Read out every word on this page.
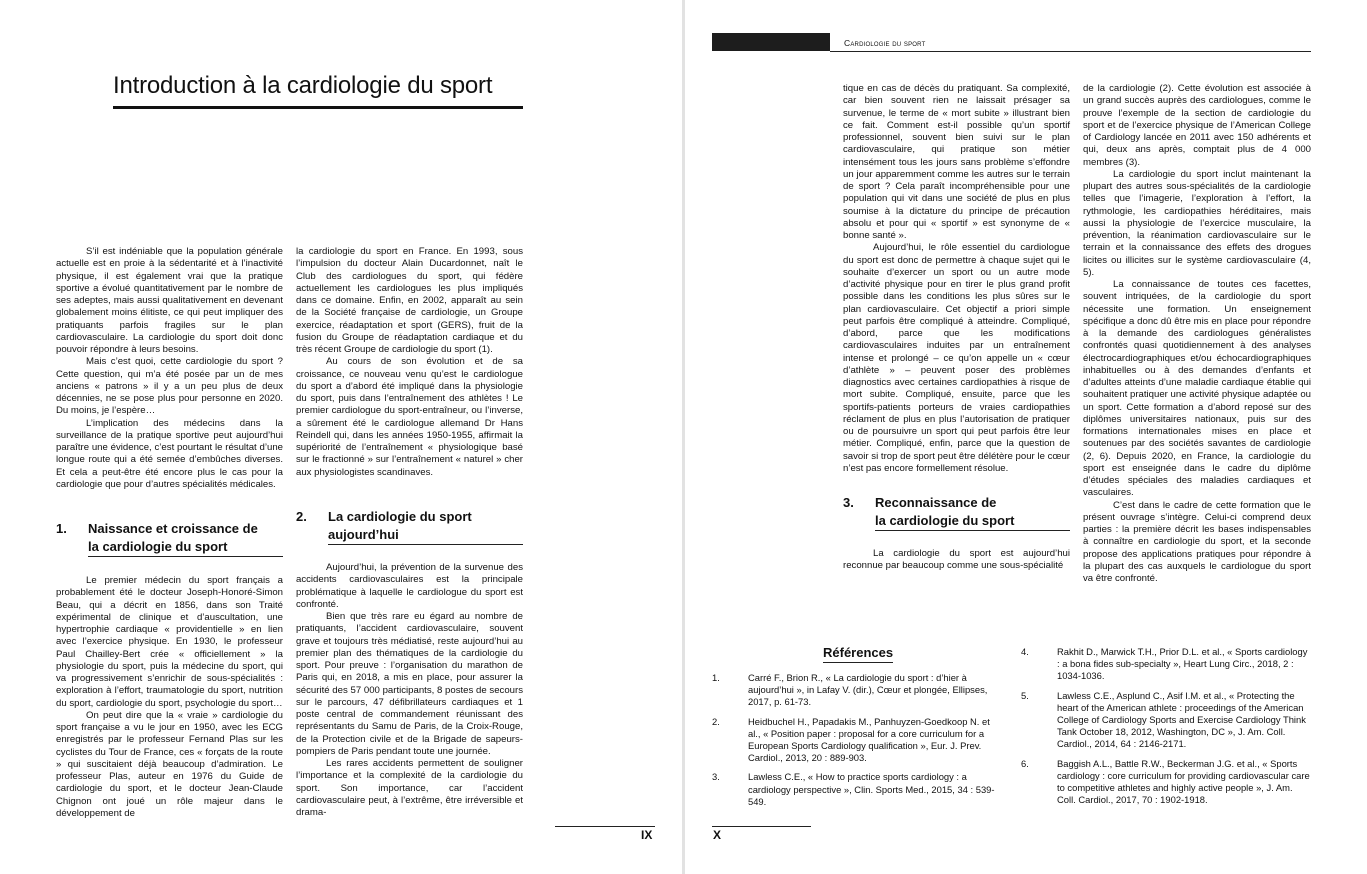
Introduction à la cardiologie du sport

S’il est indéniable que la population générale actuelle est en proie à la sédentarité et à l’inactivité physique, il est également vrai que la pratique sportive a évolué quantitativement par le nombre de ses adeptes, mais aussi qualitativement en devenant globalement moins élitiste, ce qui peut impliquer des pratiquants parfois fragiles sur le plan cardiovasculaire. La cardiologie du sport doit donc pouvoir répondre à leurs besoins.

Mais c’est quoi, cette cardiologie du sport ? Cette question, qui m’a été posée par un de mes anciens « patrons » il y a un peu plus de deux décennies, ne se pose plus pour personne en 2020. Du moins, je l’espère…

L’implication des médecins dans la surveillance de la pratique sportive peut aujourd’hui paraître une évidence, c’est pourtant le résultat d’une longue route qui a été semée d’embûches diverses. Et cela a peut-être été encore plus le cas pour la cardiologie que pour d’autres spécialités médicales.

1. Naissance et croissance de
la cardiologie du sport

Le premier médecin du sport français a probablement été le docteur Joseph-Honoré-Simon Beau, qui a décrit en 1856, dans son Traité expérimental de clinique et d’auscultation, une hypertrophie cardiaque « providentielle » en lien avec l’exercice physique. En 1930, le professeur Paul Chailley-Bert crée « officiellement » la physiologie du sport, puis la médecine du sport, qui va progressivement s’enrichir de sous-spécialités : exploration à l’effort, traumatologie du sport, nutrition du sport, cardiologie du sport, psychologie du sport…

On peut dire que la « vraie » cardiologie du sport française a vu le jour en 1950, avec les ECG enregistrés par le professeur Fernand Plas sur les cyclistes du Tour de France, ces « forçats de la route » qui suscitaient déjà beaucoup d’admiration. Le professeur Plas, auteur en 1976 du Guide de cardiologie du sport, et le docteur Jean-Claude Chignon ont joué un rôle majeur dans le développement de

la cardiologie du sport en France. En 1993, sous l’impulsion du docteur Alain Ducardonnet, naît le Club des cardiologues du sport, qui fédère actuellement les cardiologues les plus impliqués dans ce domaine. Enfin, en 2002, apparaît au sein de la Société française de cardiologie, un Groupe exercice, réadaptation et sport (GERS), fruit de la fusion du Groupe de réadaptation cardiaque et du très récent Groupe de cardiologie du sport (1).

Au cours de son évolution et de sa croissance, ce nouveau venu qu’est le cardiologue du sport a d’abord été impliqué dans la physiologie du sport, puis dans l’entraînement des athlètes ! Le premier cardiologue du sport-entraîneur, ou l’inverse, a sûrement été le cardiologue allemand Dr Hans Reindell qui, dans les années 1950-1955, affirmait la supériorité de l’entraînement « physiologique basé sur le fractionné » sur l’entraînement « naturel » cher aux physiologistes scandinaves.

2. La cardiologie du sport
aujourd’hui

Aujourd’hui, la prévention de la survenue des accidents cardiovasculaires est la principale problématique à laquelle le cardiologue du sport est confronté.

Bien que très rare eu égard au nombre de pratiquants, l’accident cardiovasculaire, souvent grave et toujours très médiatisé, reste aujourd’hui au premier plan des thématiques de la cardiologie du sport. Pour preuve : l’organisation du marathon de Paris qui, en 2018, a mis en place, pour assurer la sécurité des 57 000 participants, 8 postes de secours sur le parcours, 47 défibrillateurs cardiaques et 1 poste central de commandement réunissant des représentants du Samu de Paris, de la Croix-Rouge, de la Protection civile et de la Brigade de sapeurs-pompiers de Paris pendant toute une journée.

Les rares accidents permettent de souligner l’importance et la complexité de la cardiologie du sport. Son importance, car l’accident cardiovasculaire peut, à l’extrême, être irréversible et drama-

IX
Cardiologie du sport

tique en cas de décès du pratiquant. Sa complexité, car bien souvent rien ne laissait présager sa survenue, le terme de « mort subite » illustrant bien ce fait. Comment est-il possible qu’un sportif professionnel, souvent bien suivi sur le plan cardiovasculaire, qui pratique son métier intensément tous les jours sans problème s’effondre un jour apparemment comme les autres sur le terrain de sport ? Cela paraît incompréhensible pour une population qui vit dans une société de plus en plus soumise à la dictature du principe de précaution absolu et pour qui « sportif » est synonyme de « bonne santé ».

Aujourd’hui, le rôle essentiel du cardiologue du sport est donc de permettre à chaque sujet qui le souhaite d’exercer un sport ou un autre mode d’activité physique pour en tirer le plus grand profit possible dans les conditions les plus sûres sur le plan cardiovasculaire. Cet objectif a priori simple peut parfois être compliqué à atteindre. Compliqué, d’abord, parce que les modifications cardiovasculaires induites par un entraînement intense et prolongé – ce qu’on appelle un « cœur d’athlète » – peuvent poser des problèmes diagnostics avec certaines cardiopathies à risque de mort subite. Compliqué, ensuite, parce que les sportifs-patients porteurs de vraies cardiopathies réclament de plus en plus l’autorisation de pratiquer ou de poursuivre un sport qui peut parfois être leur métier. Compliqué, enfin, parce que la question de savoir si trop de sport peut être délétère pour le cœur n’est pas encore formellement résolue.

3. Reconnaissance de
la cardiologie du sport

La cardiologie du sport est aujourd’hui reconnue par beaucoup comme une sous-spécialité

de la cardiologie (2). Cette évolution est associée à un grand succès auprès des cardiologues, comme le prouve l’exemple de la section de cardiologie du sport et de l’exercice physique de l’American College of Cardiology lancée en 2011 avec 150 adhérents et qui, deux ans après, comptait plus de 4 000 membres (3).

La cardiologie du sport inclut maintenant la plupart des autres sous-spécialités de la cardiologie telles que l’imagerie, l’exploration à l’effort, la rythmologie, les cardiopathies héréditaires, mais aussi la physiologie de l’exercice musculaire, la prévention, la réanimation cardiovasculaire sur le terrain et la connaissance des effets des drogues licites ou illicites sur le système cardiovasculaire (4, 5).

La connaissance de toutes ces facettes, souvent intriquées, de la cardiologie du sport nécessite une formation. Un enseignement spécifique a donc dû être mis en place pour répondre à la demande des cardiologues généralistes confrontés quasi quotidiennement à des analyses électrocardiographiques et/ou échocardiographiques inhabituelles ou à des demandes d’enfants et d’adultes atteints d’une maladie cardiaque établie qui souhaitent pratiquer une activité physique adaptée ou un sport. Cette formation a d’abord reposé sur des diplômes universitaires nationaux, puis sur des formations internationales mises en place et soutenues par des sociétés savantes de cardiologie (2, 6). Depuis 2020, en France, la cardiologie du sport est enseignée dans le cadre du diplôme d’études spéciales des maladies cardiaques et vasculaires.

C’est dans le cadre de cette formation que le présent ouvrage s’intègre. Celui-ci comprend deux parties : la première décrit les bases indispensables à connaître en cardiologie du sport, et la seconde propose des applications pratiques pour répondre à la plupart des cas auxquels le cardiologue du sport va être confronté.

Références
1.	Carré F., Brion R., « La cardiologie du sport : d’hier à aujourd’hui », in Lafay V. (dir.), Cœur et plongée, Ellipses, 2017, p. 61-73.
2.	Heidbuchel H., Papadakis M., Panhuyzen-Goedkoop N. et al., « Position paper : proposal for a core curriculum for a European Sports Cardiology qualification », Eur. J. Prev. Cardiol., 2013, 20 : 889-903.
3.	Lawless C.E., « How to practice sports cardiology : a cardiology perspective », Clin. Sports Med., 2015, 34 : 539-549.
4.	Rakhit D., Marwick T.H., Prior D.L. et al., « Sports cardiology : a bona fides sub-specialty », Heart Lung Circ., 2018, 2 : 1034-1036.
5.	Lawless C.E., Asplund C., Asif I.M. et al., « Protecting the heart of the American athlete : proceedings of the American College of Cardiology Sports and Exercise Cardiology Think Tank October 18, 2012, Washington, DC », J. Am. Coll. Cardiol., 2014, 64 : 2146-2171.
6.	Baggish A.L., Battle R.W., Beckerman J.G. et al., « Sports cardiology : core curriculum for providing cardiovascular care to competitive athletes and highly active people », J. Am. Coll. Cardiol., 2017, 70 : 1902-1918.
X
